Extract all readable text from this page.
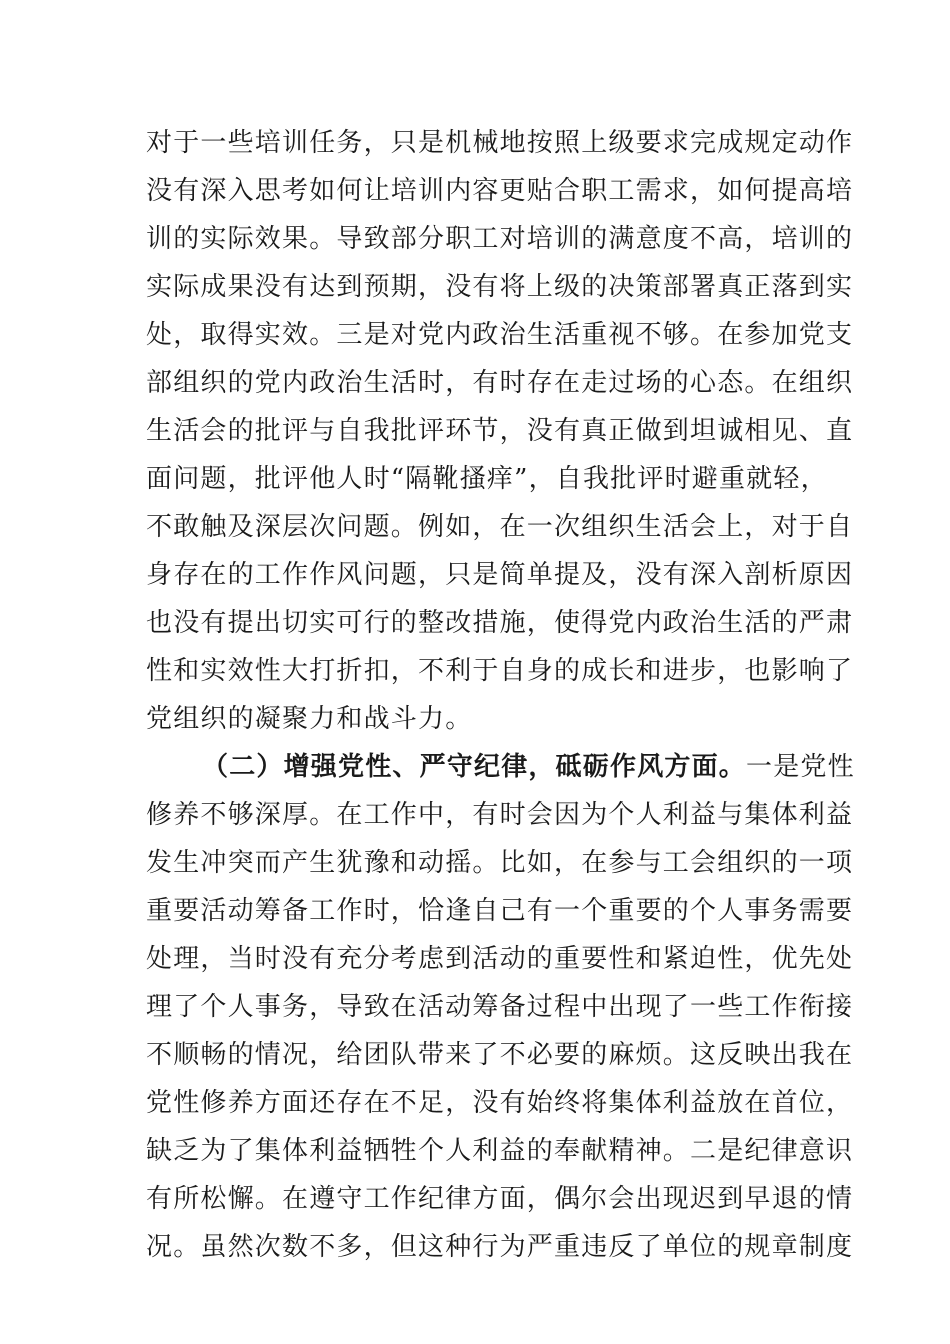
对于一些培训任务，只是机械地按照上级要求完成规定动作
没有深入思考如何让培训内容更贴合职工需求，如何提高培
训的实际效果。导致部分职工对培训的满意度不高，培训的
实际成果没有达到预期，没有将上级的决策部署真正落到实
处，取得实效。三是对党内政治生活重视不够。在参加党支
部组织的党内政治生活时，有时存在走过场的心态。在组织
生活会的批评与自我批评环节，没有真正做到坦诚相见、直
面问题，批评他人时“隔靴搔痒”，自我批评时避重就轻，
不敢触及深层次问题。例如，在一次组织生活会上，对于自
身存在的工作作风问题，只是简单提及，没有深入剖析原因
也没有提出切实可行的整改措施，使得党内政治生活的严肃
性和实效性大打折扣，不利于自身的成长和进步，也影响了
党组织的凝聚力和战斗力。
（二）增强党性、严守纪律，砥砺作风方面。一是党性
修养不够深厚。在工作中，有时会因为个人利益与集体利益
发生冲突而产生犹豫和动摇。比如，在参与工会组织的一项
重要活动筹备工作时，恰逢自己有一个重要的个人事务需要
处理，当时没有充分考虑到活动的重要性和紧迫性，优先处
理了个人事务，导致在活动筹备过程中出现了一些工作衔接
不顺畅的情况，给团队带来了不必要的麻烦。这反映出我在
党性修养方面还存在不足，没有始终将集体利益放在首位，
缺乏为了集体利益牺牲个人利益的奉献精神。二是纪律意识
有所松懈。在遵守工作纪律方面，偶尔会出现迟到早退的情
况。虽然次数不多，但这种行为严重违反了单位的规章制度
